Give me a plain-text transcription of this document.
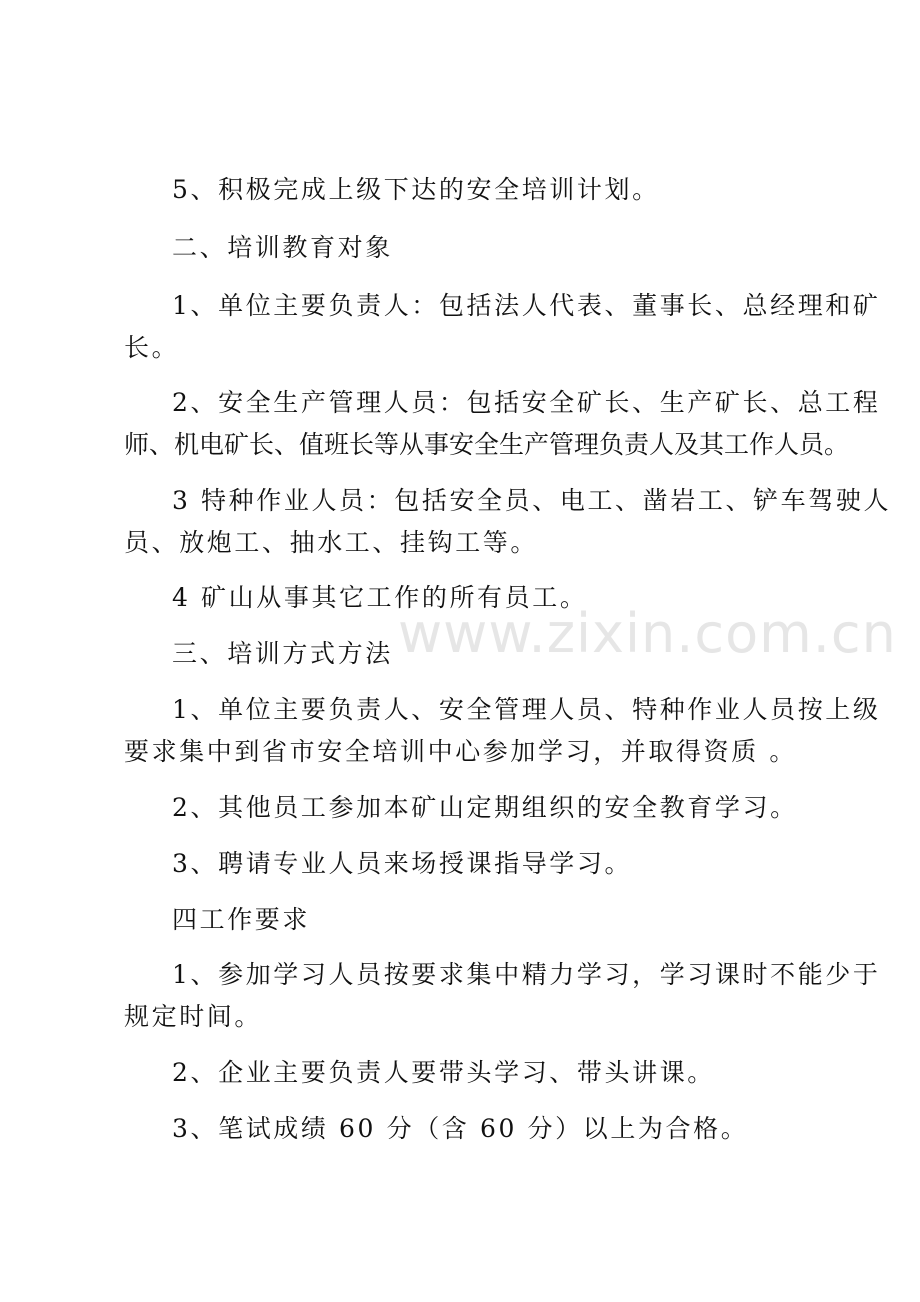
www.zixin.com.cn
5、积极完成上级下达的安全培训计划。
二、培训教育对象
1、单位主要负责人：包括法人代表、董事长、总经理和矿
长。
2、安全生产管理人员：包括安全矿长、生产矿长、总工程
师、机电矿长、值班长等从事安全生产管理负责人及其工作人员。
3 特种作业人员：包括安全员、电工、凿岩工、铲车驾驶人
员、放炮工、抽水工、挂钩工等。
4 矿山从事其它工作的所有员工。
三、培训方式方法
1、单位主要负责人、安全管理人员、特种作业人员按上级
要求集中到省市安全培训中心参加学习，并取得资质 。
2、其他员工参加本矿山定期组织的安全教育学习。
3、聘请专业人员来场授课指导学习。
四工作要求
1、参加学习人员按要求集中精力学习，学习课时不能少于
规定时间。
2、企业主要负责人要带头学习、带头讲课。
3、笔试成绩 60 分（含 60 分）以上为合格。
